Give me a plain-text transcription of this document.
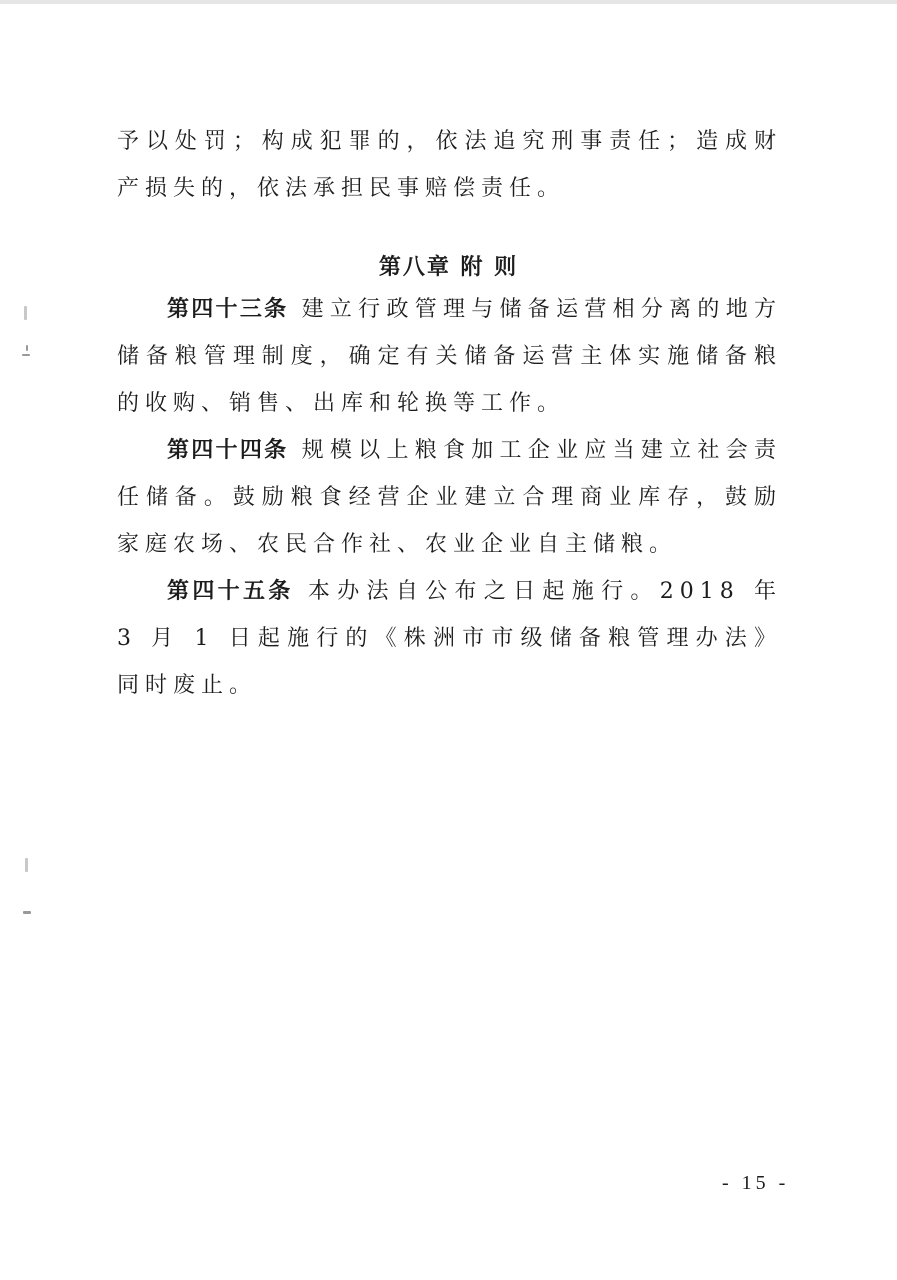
予以处罚；构成犯罪的，依法追究刑事责任；造成财产损失的，依法承担民事赔偿责任。

第八章 附 则

第四十三条 建立行政管理与储备运营相分离的地方储备粮管理制度，确定有关储备运营主体实施储备粮的收购、销售、出库和轮换等工作。

第四十四条 规模以上粮食加工企业应当建立社会责任储备。鼓励粮食经营企业建立合理商业库存，鼓励家庭农场、农民合作社、农业企业自主储粮。

第四十五条 本办法自公布之日起施行。2018 年 3 月 1 日起施行的《株洲市市级储备粮管理办法》同时废止。

- 15 -
